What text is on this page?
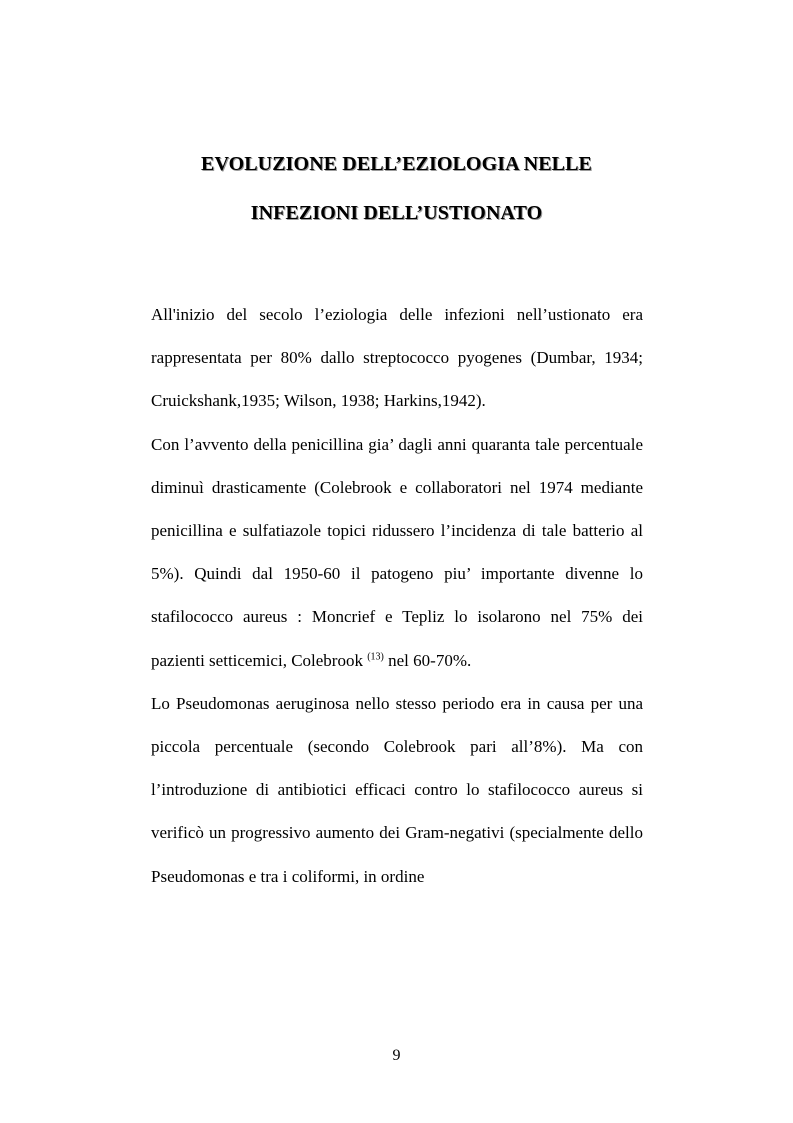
EVOLUZIONE DELL’EZIOLOGIA NELLE
INFEZIONI DELL’USTIONATO

All'inizio del secolo l’eziologia delle infezioni nell’ustionato era rappresentata per 80% dallo streptococco pyogenes (Dumbar, 1934; Cruickshank,1935; Wilson, 1938; Harkins,1942).

Con l’avvento della penicillina gia’ dagli anni quaranta tale percentuale diminuì drasticamente (Colebrook e collaboratori nel 1974 mediante penicillina e sulfatiazole topici ridussero l’incidenza di tale batterio al 5%). Quindi dal 1950-60 il patogeno piu’ importante divenne lo stafilococco aureus : Moncrief e Tepliz lo isolarono nel 75% dei pazienti setticemici, Colebrook $^{(13)}$ nel 60-70%.

Lo Pseudomonas aeruginosa nello stesso periodo era in causa per una piccola percentuale (secondo Colebrook pari all’8%). Ma con l’introduzione di antibiotici efficaci contro lo stafilococco aureus si verificò un progressivo aumento dei Gram-negativi (specialmente dello Pseudomonas e tra i coliformi, in ordine

9
